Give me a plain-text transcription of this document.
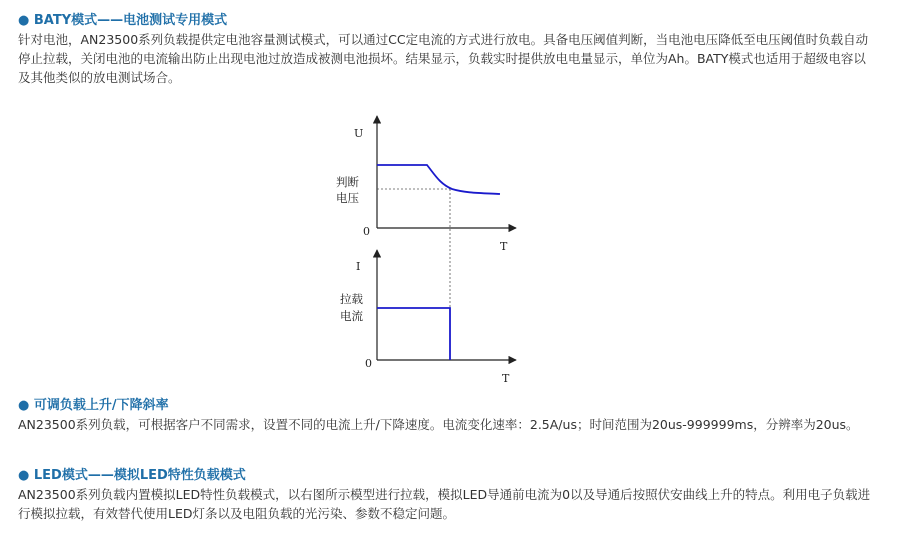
● BATY模式——电池测试专用模式
针对电池，AN23500系列负载提供定电池容量测试模式，可以通过CC定电流的方式进行放电。具备电压阈值判断，当电池电压降低至电压阈值时负载自动停止拉载，关闭电池的电流输出防止出现电池过放造成被测电池损坏。结果显示，负载实时提供放电电量显示，单位为Ah。BATY模式也适用于超级电容以及其他类似的放电测试场合。
U
T
0
判断
电压
I
T
0
拉载
电流
● 可调负载上升/下降斜率
AN23500系列负载，可根据客户不同需求，设置不同的电流上升/下降速度。电流变化速率：2.5A/us；时间范围为20us-999999ms，分辨率为20us。
● LED模式——模拟LED特性负载模式
AN23500系列负载内置模拟LED特性负载模式，以右图所示模型进行拉载，模拟LED导通前电流为0以及导通后按照伏安曲线上升的特点。利用电子负载进行模拟拉载，有效替代使用LED灯条以及电阻负载的光污染、参数不稳定问题。
